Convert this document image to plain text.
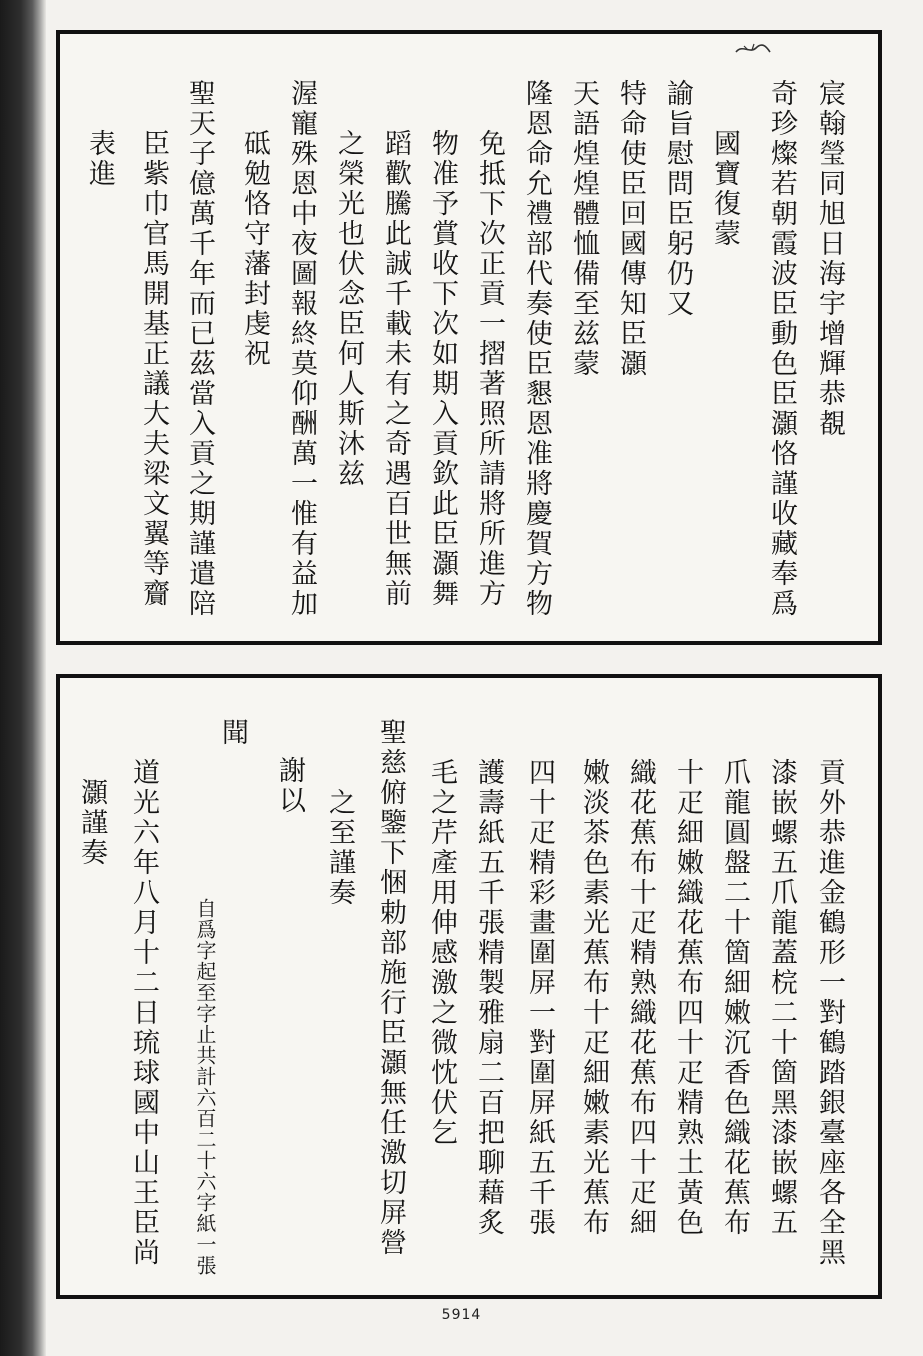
宸翰瑩同旭日海宇增輝恭覩
奇珍燦若朝霞波臣動色臣灝恪謹收藏奉爲
國寶復蒙
諭旨慰問臣躬仍又
特命使臣回國傳知臣灝
天語煌煌體恤備至兹蒙
隆恩命允禮部代奏使臣懇恩准將慶賀方物
免抵下次正貢一摺著照所請將所進方
物准予賞收下次如期入貢欽此臣灝舞
蹈歡騰此誠千載未有之奇遇百世無前
之榮光也伏念臣何人斯沐兹
渥寵殊恩中夜圖報終莫仰酬萬一惟有益加
砥勉恪守藩封虔祝
聖天子億萬千年而已茲當入貢之期謹遣陪
臣紫巾官馬開基正議大夫梁文翼等齎
表進
貢外恭進金鶴形一對鶴踏銀臺座各全黑
漆嵌螺五爪龍蓋梡二十箇黑漆嵌螺五
爪龍圓盤二十箇細嫩沉香色織花蕉布
十疋細嫩織花蕉布四十疋精熟土黃色
織花蕉布十疋精熟織花蕉布四十疋細
嫩淡茶色素光蕉布十疋細嫩素光蕉布
四十疋精彩畫圍屏一對圍屏紙五千張
護壽紙五千張精製雅扇二百把聊藉炙
毛之芹產用伸感激之微忱伏乞
聖慈俯鑒下悃勅部施行臣灝無任激切屏營
之至謹奏
謝以
聞
自爲字起至字止共計六百二十六字紙一張
道光六年八月十二日琉球國中山王臣尚
灝謹奏
5914
